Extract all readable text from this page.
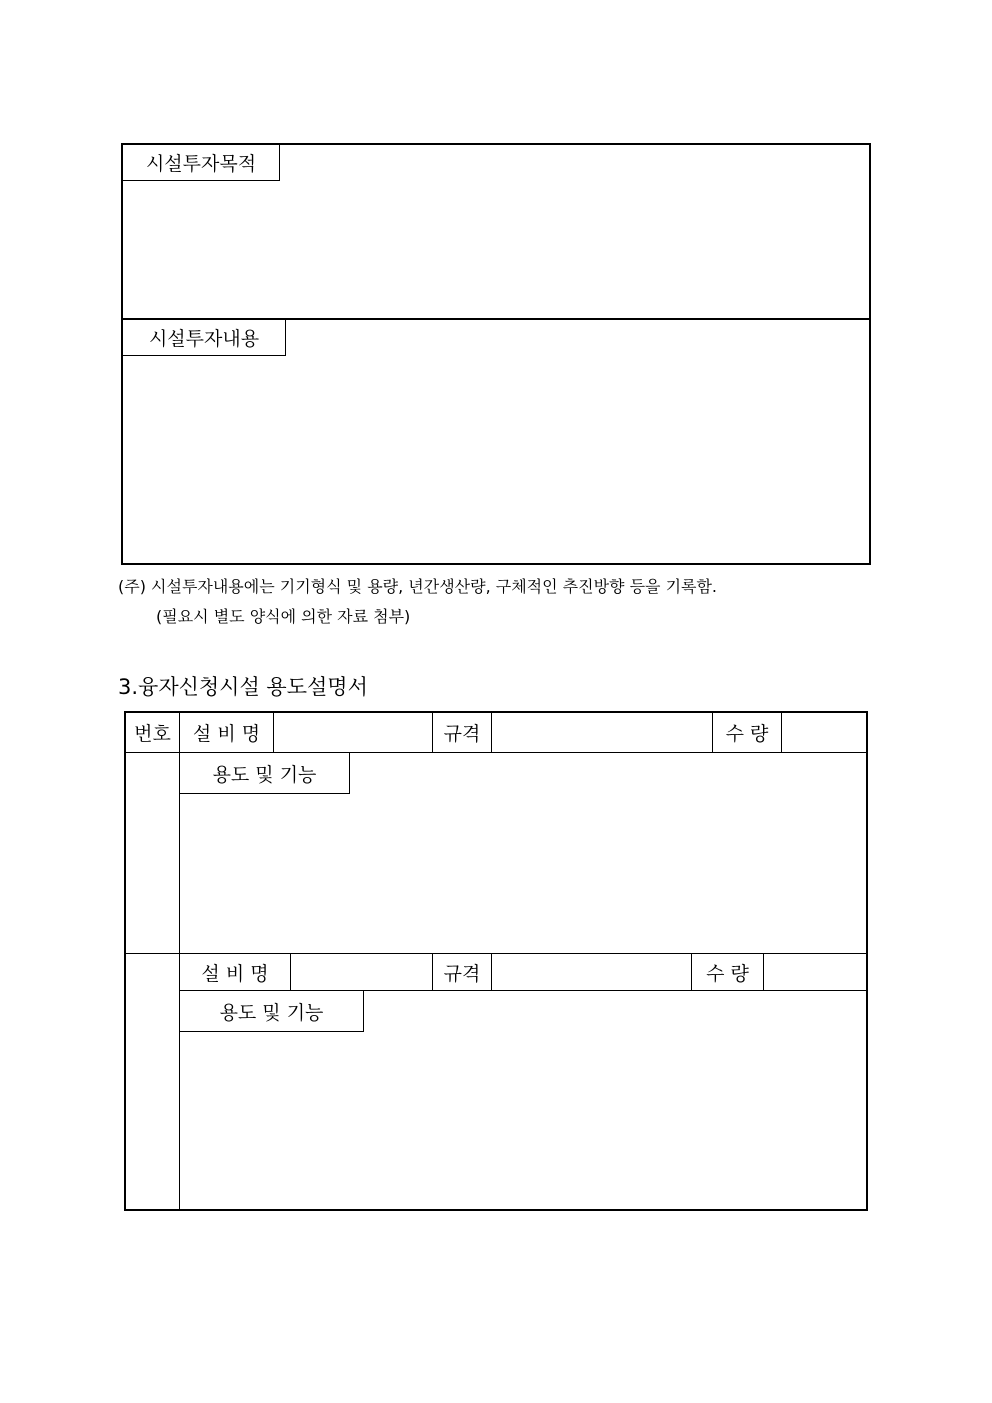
시설투자목적
시설투자내용
(주) 시설투자내용에는 기기형식 및 용량, 년간생산량, 구체적인 추진방향 등을 기록함.
(필요시 별도 양식에 의한 자료 첨부)
3.융자신청시설 용도설명서
번호	설 비 명	규격	수 량
용도 및 기능
설 비 명	규격	수 량
용도 및 기능
